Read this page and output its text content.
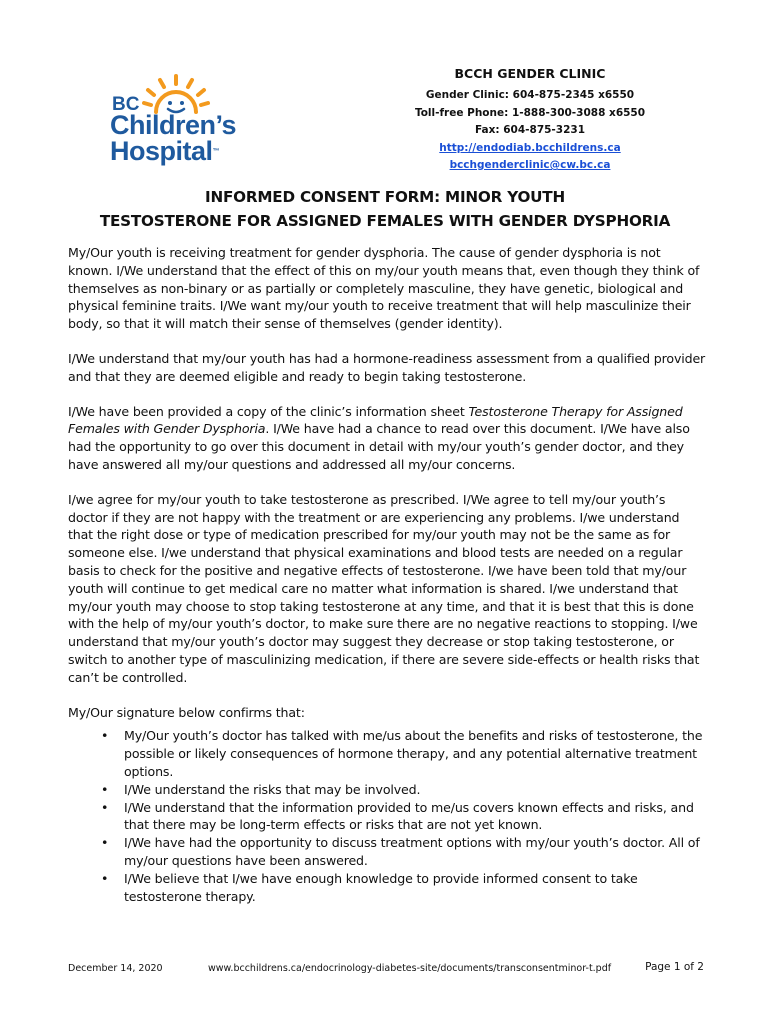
BC
Children’s
Hospital™
BCCH GENDER CLINIC
Gender Clinic: 604-875-2345 x6550
Toll-free Phone: 1-888-300-3088 x6550
Fax: 604-875-3231
http://endodiab.bcchildrens.ca
bcchgenderclinic@cw.bc.ca
INFORMED CONSENT FORM: MINOR YOUTH
TESTOSTERONE FOR ASSIGNED FEMALES WITH GENDER DYSPHORIA

My/Our youth is receiving treatment for gender dysphoria. The cause of gender dysphoria is not known. I/We understand that the effect of this on my/our youth means that, even though they think of themselves as non-binary or as partially or completely masculine, they have genetic, biological and physical feminine traits. I/We want my/our youth to receive treatment that will help masculinize their body, so that it will match their sense of themselves (gender identity).

I/We understand that my/our youth has had a hormone-readiness assessment from a qualified provider and that they are deemed eligible and ready to begin taking testosterone.

I/We have been provided a copy of the clinic’s information sheet Testosterone Therapy for Assigned Females with Gender Dysphoria. I/We have had a chance to read over this document. I/We have also had the opportunity to go over this document in detail with my/our youth’s gender doctor, and they have answered all my/our questions and addressed all my/our concerns.

I/we agree for my/our youth to take testosterone as prescribed. I/We agree to tell my/our youth’s doctor if they are not happy with the treatment or are experiencing any problems. I/we understand that the right dose or type of medication prescribed for my/our youth may not be the same as for someone else. I/we understand that physical examinations and blood tests are needed on a regular basis to check for the positive and negative effects of testosterone. I/we have been told that my/our youth will continue to get medical care no matter what information is shared. I/we understand that my/our youth may choose to stop taking testosterone at any time, and that it is best that this is done with the help of my/our youth’s doctor, to make sure there are no negative reactions to stopping. I/we understand that my/our youth’s doctor may suggest they decrease or stop taking testosterone, or switch to another type of masculinizing medication, if there are severe side-effects or health risks that can’t be controlled.

My/Our signature below confirms that:

• My/Our youth’s doctor has talked with me/us about the benefits and risks of testosterone, the possible or likely consequences of hormone therapy, and any potential alternative treatment options.
• I/We understand the risks that may be involved.
• I/We understand that the information provided to me/us covers known effects and risks, and that there may be long-term effects or risks that are not yet known.
• I/We have had the opportunity to discuss treatment options with my/our youth’s doctor. All of my/our questions have been answered.
• I/We believe that I/we have enough knowledge to provide informed consent to take testosterone therapy.
December 14, 2020	www.bcchildrens.ca/endocrinology-diabetes-site/documents/transconsentminor-t.pdf	Page 1 of 2
